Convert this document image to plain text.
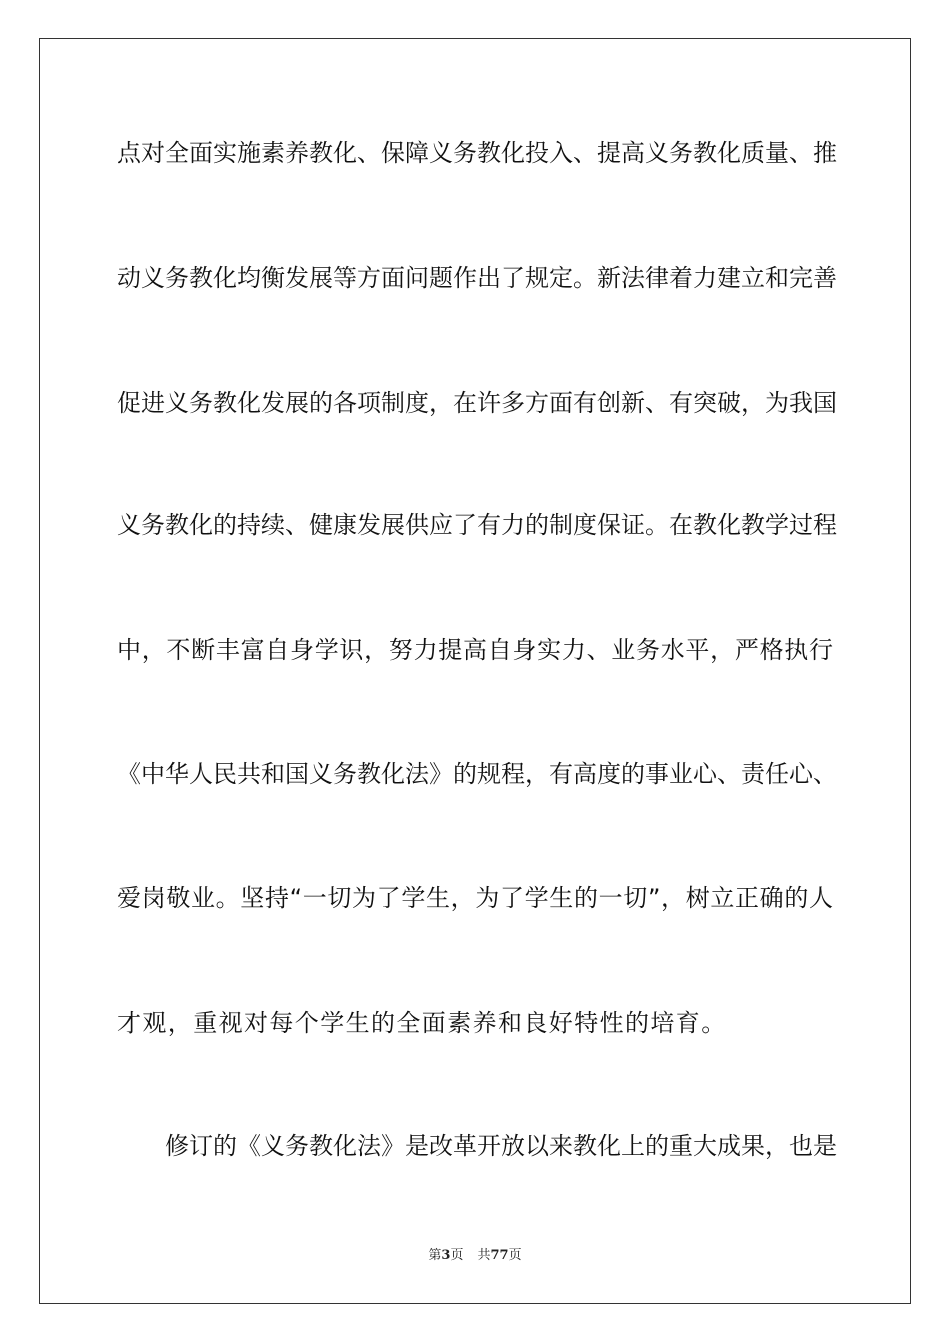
点对全面实施素养教化、保障义务教化投入、提高义务教化质量、推
动义务教化均衡发展等方面问题作出了规定。新法律着力建立和完善
促进义务教化发展的各项制度，在许多方面有创新、有突破，为我国
义务教化的持续、健康发展供应了有力的制度保证。在教化教学过程
中，不断丰富自身学识，努力提高自身实力、业务水平，严格执行
《中华人民共和国义务教化法》的规程，有高度的事业心、责任心、
爱岗敬业。坚持“一切为了学生，为了学生的一切”，树立正确的人
才观，重视对每个学生的全面素养和良好特性的培育。
修订的《义务教化法》是改革开放以来教化上的重大成果，也是
第3页 共77页
